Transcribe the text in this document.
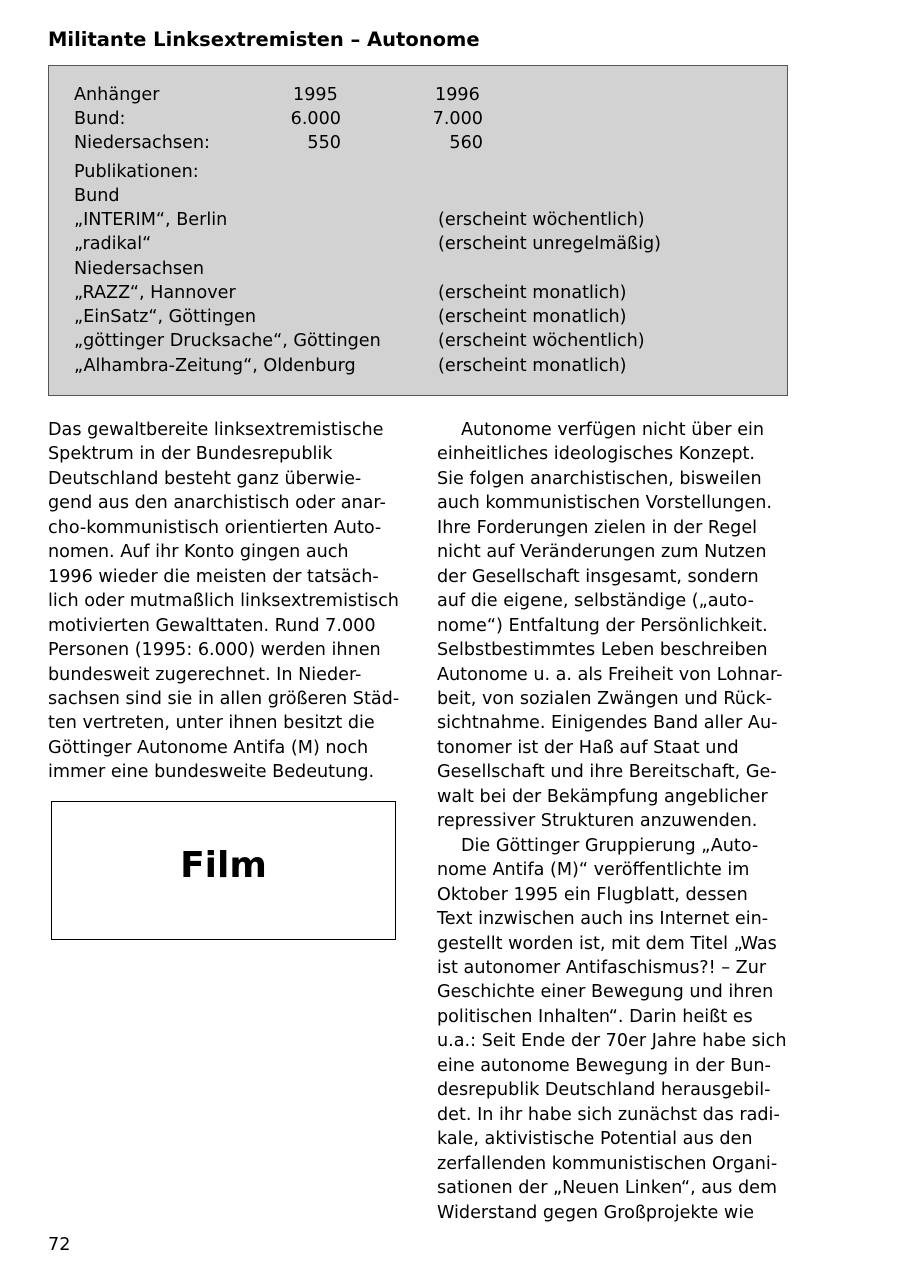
Militante Linksextremisten – Autonome
Anhänger	1995	1996
Bund:	6.000	7.000
Niedersachsen:	550	560
Publikationen:
Bund
„INTERIM“, Berlin	(erscheint wöchentlich)
„radikal“	(erscheint unregelmäßig)
Niedersachsen
„RAZZ“, Hannover	(erscheint monatlich)
„EinSatz“, Göttingen	(erscheint monatlich)
„göttinger Drucksache“, Göttingen	(erscheint wöchentlich)
„Alhambra-Zeitung“, Oldenburg	(erscheint monatlich)

Das gewaltbereite linksextremistische

Spektrum in der Bundesrepublik

Deutschland besteht ganz überwie-

gend aus den anarchistisch oder anar-

cho-kommunistisch orientierten Auto-

nomen. Auf ihr Konto gingen auch

1996 wieder die meisten der tatsäch-

lich oder mutmaßlich linksextremistisch

motivierten Gewalttaten. Rund 7.000

Personen (1995: 6.000) werden ihnen

bundesweit zugerechnet. In Nieder-

sachsen sind sie in allen größeren Städ-

ten vertreten, unter ihnen besitzt die

Göttinger Autonome Antifa (M) noch

immer eine bundesweite Bedeutung.

Film

Autonome verfügen nicht über ein

einheitliches ideologisches Konzept.

Sie folgen anarchistischen, bisweilen

auch kommunistischen Vorstellungen.

Ihre Forderungen zielen in der Regel

nicht auf Veränderungen zum Nutzen

der Gesellschaft insgesamt, sondern

auf die eigene, selbständige („auto-

nome“) Entfaltung der Persönlichkeit.

Selbstbestimmtes Leben beschreiben

Autonome u. a. als Freiheit von Lohnar-

beit, von sozialen Zwängen und Rück-

sichtnahme. Einigendes Band aller Au-

tonomer ist der Haß auf Staat und

Gesellschaft und ihre Bereitschaft, Ge-

walt bei der Bekämpfung angeblicher

repressiver Strukturen anzuwenden.

Die Göttinger Gruppierung „Auto-

nome Antifa (M)“ veröffentlichte im

Oktober 1995 ein Flugblatt, dessen

Text inzwischen auch ins Internet ein-

gestellt worden ist, mit dem Titel „Was

ist autonomer Antifaschismus?! – Zur

Geschichte einer Bewegung und ihren

politischen Inhalten“. Darin heißt es

u.a.: Seit Ende der 70er Jahre habe sich

eine autonome Bewegung in der Bun-

desrepublik Deutschland herausgebil-

det. In ihr habe sich zunächst das radi-

kale, aktivistische Potential aus den

zerfallenden kommunistischen Organi-

sationen der „Neuen Linken“, aus dem

Widerstand gegen Großprojekte wie

72
